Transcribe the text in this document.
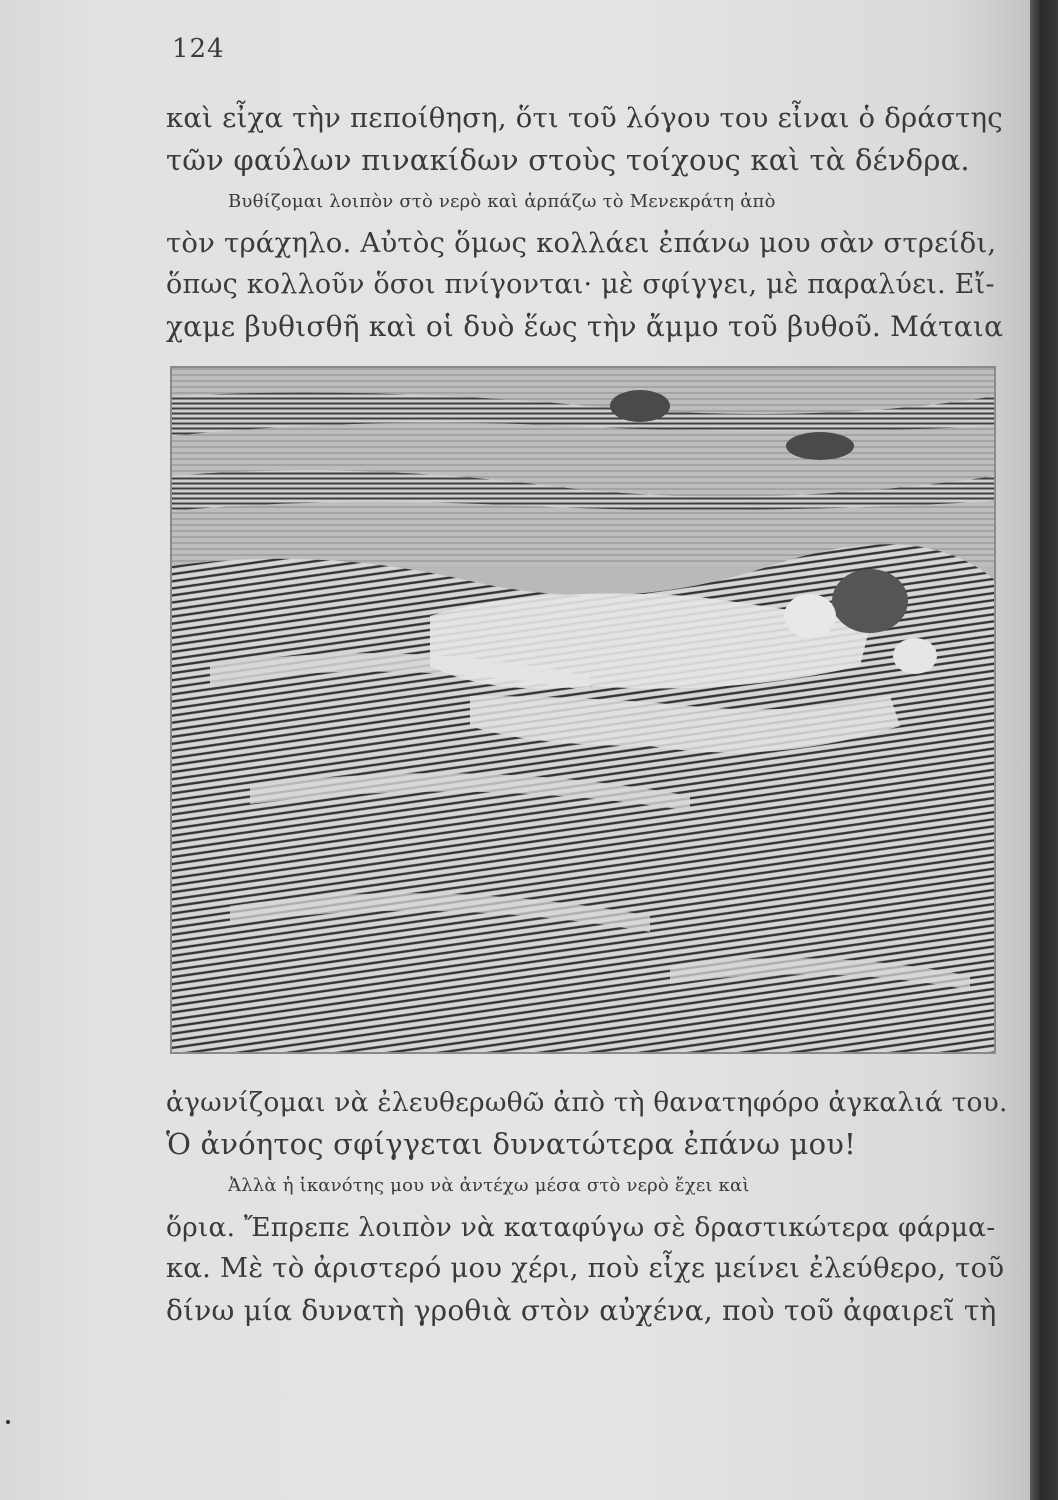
124
καὶ εἶχα τὴν πεποίθηση, ὅτι τοῦ λόγου του εἶναι ὁ δράστης
τῶν φαύλων πινακίδων στοὺς τοίχους καὶ τὰ δένδρα.
Βυθίζομαι λοιπὸν στὸ νερὸ καὶ ἁρπάζω τὸ Μενεκράτη ἀπὸ
τὸν τράχηλο. Αὐτὸς ὅμως κολλάει ἐπάνω μου σὰν στρείδι,
ὅπως κολλοῦν ὅσοι πνίγονται· μὲ σφίγγει, μὲ παραλύει. Εἴ-
χαμε βυθισθῆ καὶ οἱ δυὸ ἕως τὴν ἄμμο τοῦ βυθοῦ. Μάταια
ἀγωνίζομαι νὰ ἐλευθερωθῶ ἀπὸ τὴ θανατηφόρο ἀγκαλιά του.
Ὁ ἀνόητος σφίγγεται δυνατώτερα ἐπάνω μου!
Ἀλλὰ ἡ ἱκανότης μου νὰ ἀντέχω μέσα στὸ νερὸ ἔχει καὶ
ὅρια. Ἔπρεπε λοιπὸν νὰ καταφύγω σὲ δραστικώτερα φάρμα-
κα. Μὲ τὸ ἀριστερό μου χέρι, ποὺ εἶχε μείνει ἐλεύθερο, τοῦ
δίνω μία δυνατὴ γροθιὰ στὸν αὐχένα, ποὺ τοῦ ἀφαιρεῖ τὴ
